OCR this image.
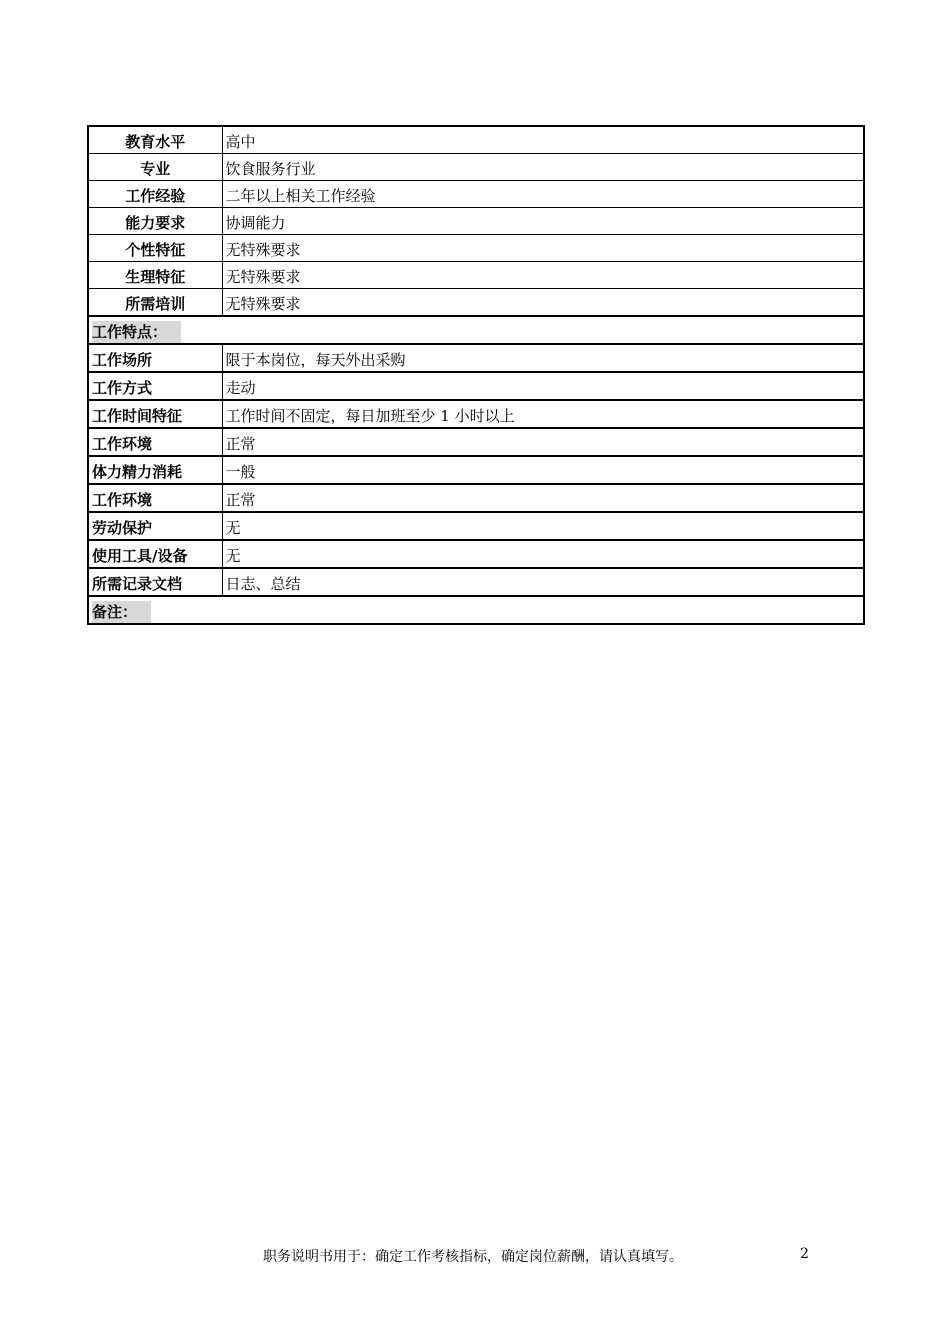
教育水平	高中
专业	饮食服务行业
工作经验	二年以上相关工作经验
能力要求	协调能力
个性特征	无特殊要求
生理特征	无特殊要求
所需培训	无特殊要求
工作特点：	
工作场所	限于本岗位，每天外出采购
工作方式	走动
工作时间特征	工作时间不固定，每日加班至少 1 小时以上
工作环境	正常
体力精力消耗	一般
工作环境	正常
劳动保护	无
使用工具/设备	无
所需记录文档	日志、总结
备注：	
职务说明书用于：确定工作考核指标，确定岗位薪酬，请认真填写。	2
